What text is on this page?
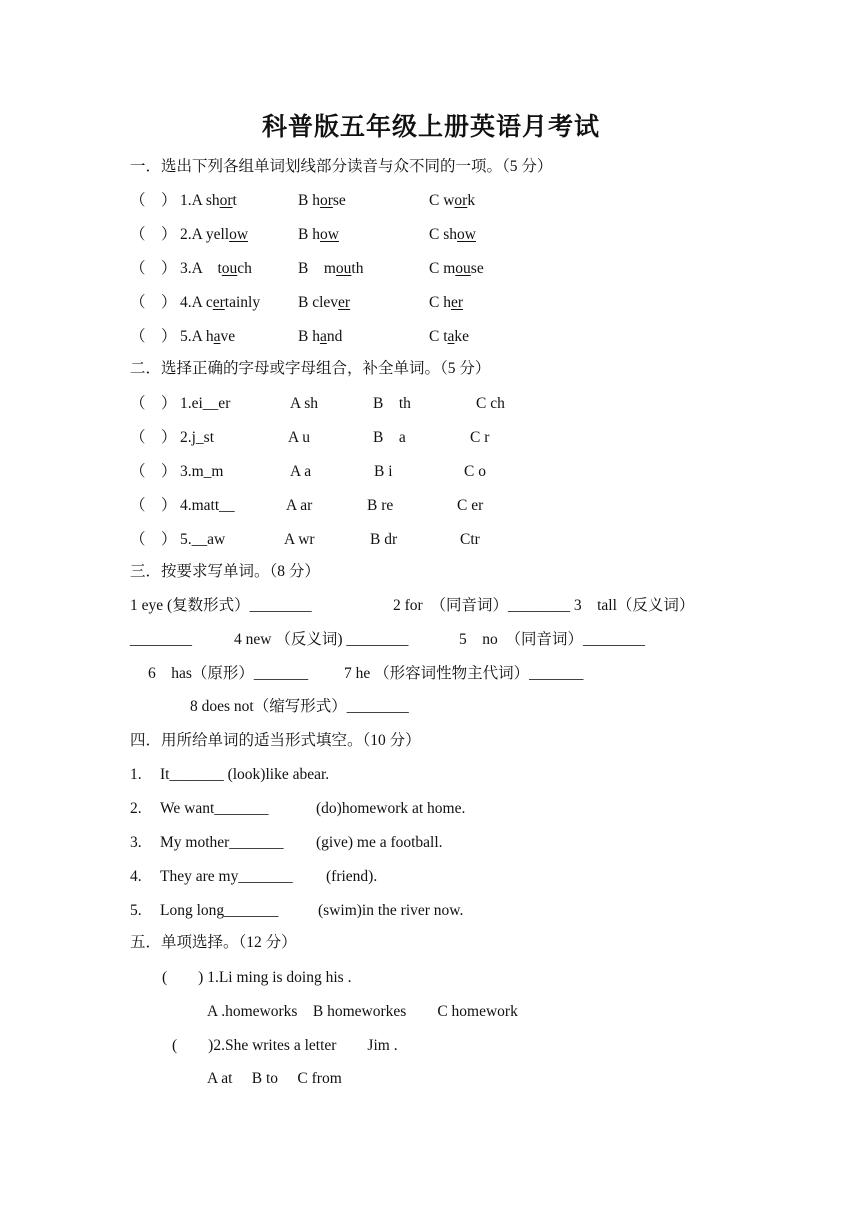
科普版五年级上册英语月考试
一．选出下列各组单词划线部分读音与众不同的一项。（5 分）
（　） 1.A short	B horse	C work
（　） 2.A yellow	B how	C show
（　） 3.A　touch	B　mouth	C mouse
（　） 4.A certainly B clever	C her
（　） 5.A have	B hand	C take
二．选择正确的字母或字母组合，补全单词。（5 分）
（　） 1.ei__er	A sh	B　th	C ch
（　） 2.j_st	A u	B　a	C r
（　） 3.m_m	A a	B i	C o
（　） 4.matt__	A ar	B re	C er
（　） 5.__aw	A wr	B dr	Ctr
三．按要求写单词。（8 分）
1 eye (复数形式）________	2 for　（同音词）________ 3　tall（反义词）
________	4 new （反义词) ________	5　no　（同音词）________
6　has（原形）_______ 7 he （形容词性物主代词）_______
8 does not（缩写形式）________
四．用所给单词的适当形式填空。（10 分）
1. It_______ (look)like abear.
2. We want_______	(do)homework at home.
3. My mother_______ (give) me a football.
4. They are my_______ (friend).
5. Long long_______	(swim)in the river now.
五．单项选择。（12 分）
(　　) 1.Li ming is doing his .
A .homeworks　B homeworkes　　C homework
(　　)2.She writes a letter　　Jim .
A at　 B to　 C from
